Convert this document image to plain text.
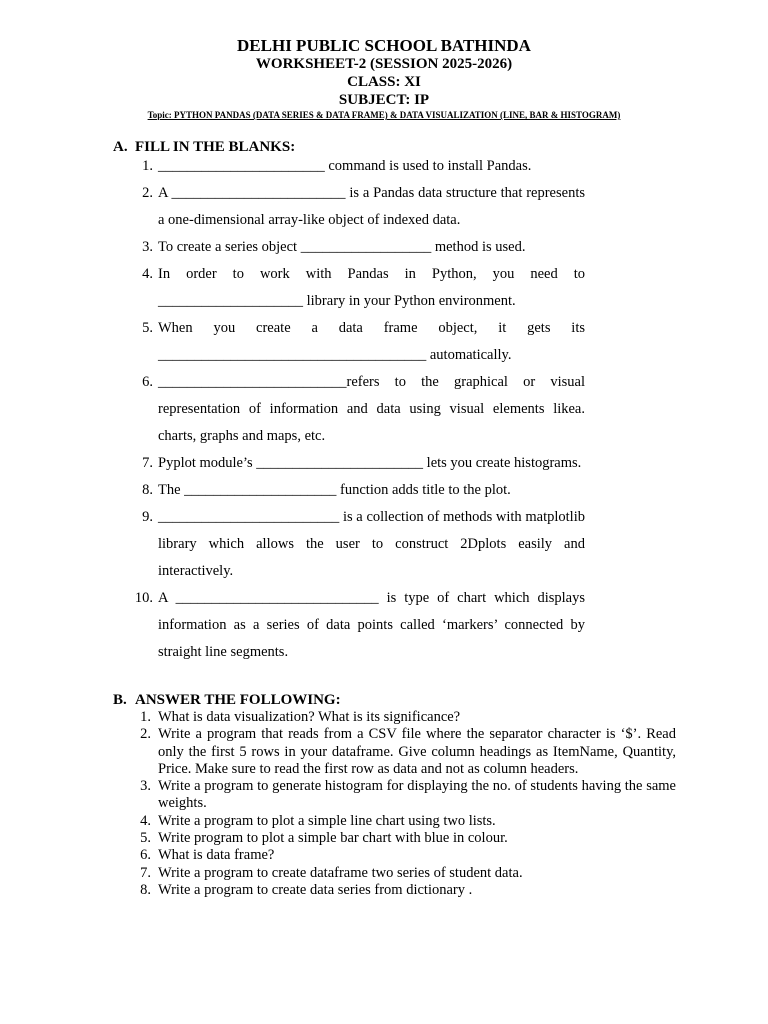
DELHI PUBLIC SCHOOL BATHINDA
WORKSHEET-2 (SESSION 2025-2026)
CLASS: XI
SUBJECT: IP
Topic: PYTHON PANDAS (DATA SERIES & DATA FRAME) & DATA VISUALIZATION (LINE, BAR & HISTOGRAM)
A. FILL IN THE BLANKS:
1. _______________________ command is used to install Pandas.
2. A ________________________ is a Pandas data structure that represents a one-dimensional array-like object of indexed data.
3. To create a series object __________________ method is used.
4. In order to work with Pandas in Python, you need to ____________________ library in your Python environment.
5. When you create a data frame object, it gets its _____________________________________ automatically.
6. __________________________refers to the graphical or visual representation of information and data using visual elements likea. charts, graphs and maps, etc.
7. Pyplot module’s _______________________ lets you create histograms.
8. The _____________________ function adds title to the plot.
9. _________________________ is a collection of methods with matplotlib library which allows the user to construct 2Dplots easily and interactively.
10. A ____________________________ is type of chart which displays information as a series of data points called ‘markers’ connected by straight line segments.
B. ANSWER THE FOLLOWING:
1. What is data visualization? What is its significance?
2. Write a program that reads from a CSV file where the separator character is ‘$’. Read only the first 5 rows in your dataframe. Give column headings as ItemName, Quantity, Price. Make sure to read the first row as data and not as column headers.
3. Write a program to generate histogram for displaying the no. of students having the same weights.
4. Write a program to plot a simple line chart using two lists.
5. Write program to plot a simple bar chart with blue in colour.
6. What is data frame?
7. Write a program to create dataframe two series of student data.
8. Write a program to create data series from dictionary .
